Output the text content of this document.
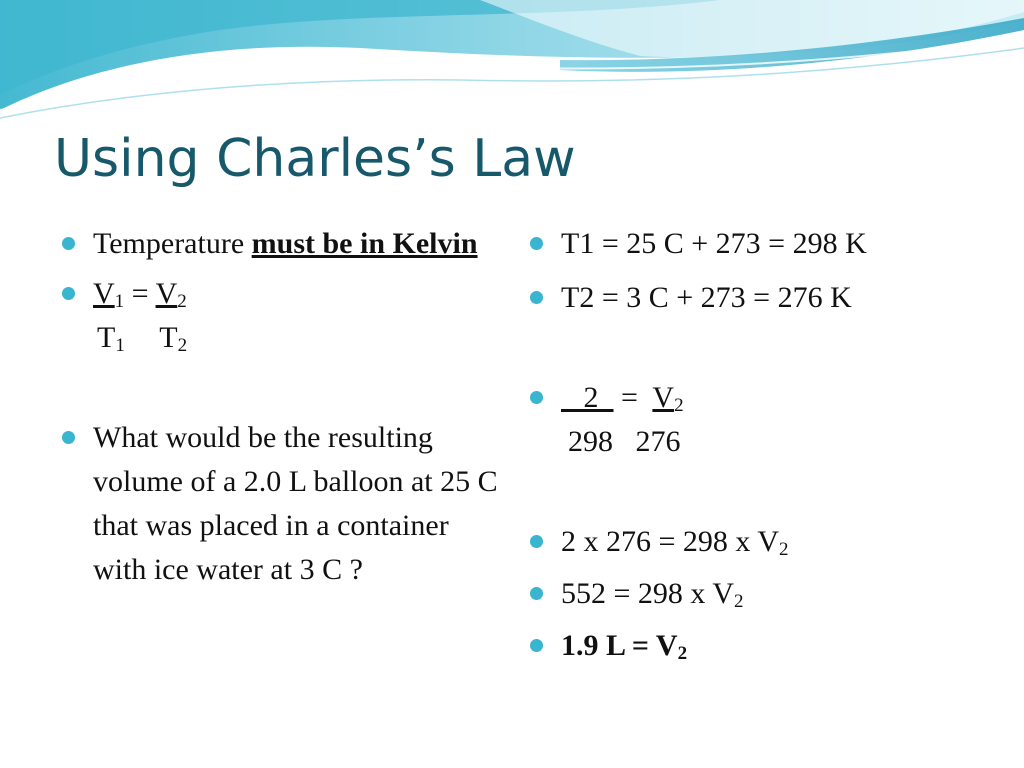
Using Charles’s Law
Temperature must be in Kelvin
$V_1 = V_2$
$T_1$ $T_2$
What would be the resulting volume of a 2.0 L balloon at 25 C that was placed in a container with ice water at 3 C ?
T1 = 25 C + 273 = 298 K
T2 = 3 C + 273 = 276 K
$2 = V_2$
298   276
2 x 276 = 298 x $V_2$
552 = 298 x $V_2$
1.9 $L = V_2$
